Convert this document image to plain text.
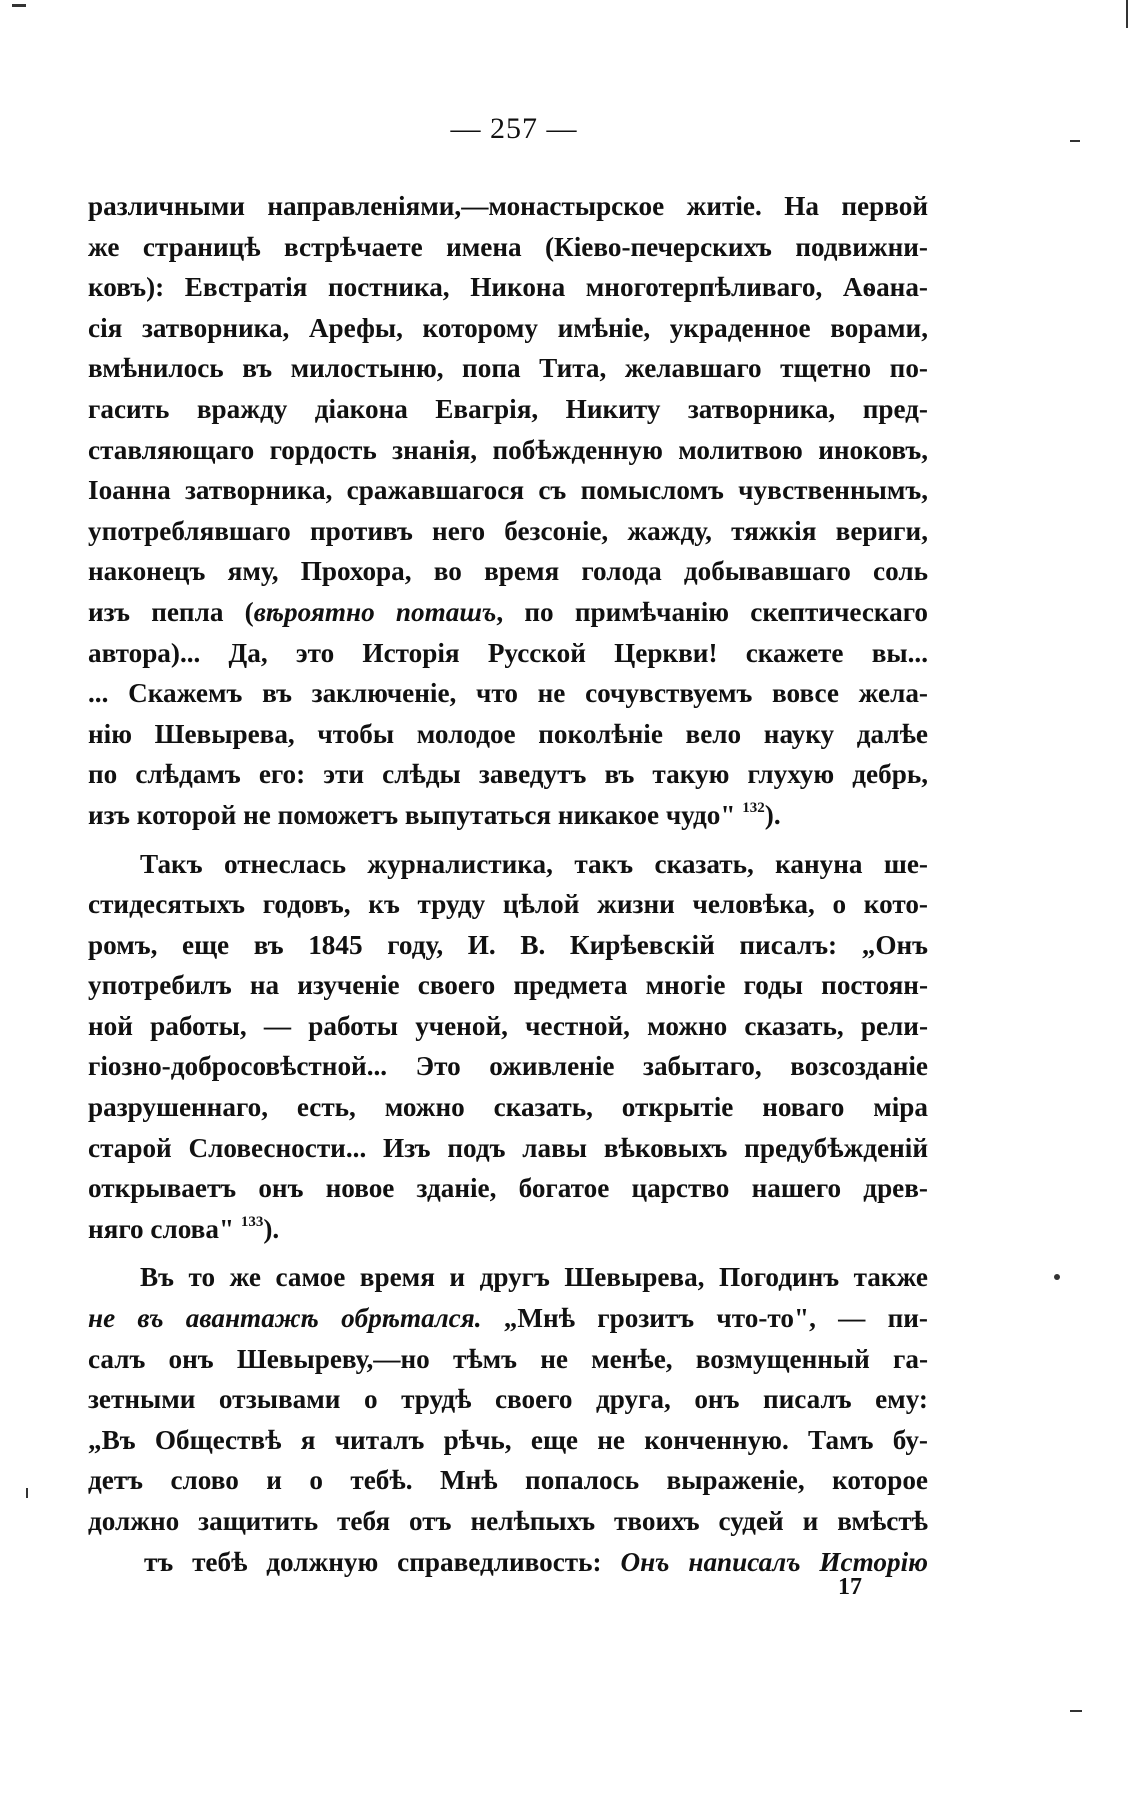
— 257 —
различными направленіями,—монастырское житіе. На первой
же страницѣ встрѣчаете имена (Кіево-печерскихъ подвижни-
ковъ): Евстратія постника, Никона многотерпѣливаго, Аѳана-
сія затворника, Арефы, которому имѣніе, украденное ворами,
вмѣнилось въ милостыню, попа Тита, желавшаго тщетно по-
гасить вражду діакона Евагрія, Никиту затворника, пред-
ставляющаго гордость знанія, побѣжденную молитвою иноковъ,
Іоанна затворника, сражавшагося съ помысломъ чувственнымъ,
употреблявшаго противъ него безсоніе, жажду, тяжкія вериги,
наконецъ яму, Прохора, во время голода добывавшаго соль
изъ пепла (вѣроятно поташъ, по примѣчанію скептическаго
автора)... Да, это Исторія Русской Церкви! скажете вы...
... Скажемъ въ заключеніе, что не сочувствуемъ вовсе жела-
нію Шевырева, чтобы молодое поколѣніе вело науку далѣе
по слѣдамъ его: эти слѣды заведутъ въ такую глухую дебрь,
изъ которой не поможетъ выпутаться никакое чудо" $^{132}$).
Такъ отнеслась журналистика, такъ сказать, кануна ше-
стидесятыхъ годовъ, къ труду цѣлой жизни человѣка, о кото-
ромъ, еще въ 1845 году, И. В. Кирѣевскій писалъ: „Онъ
употребилъ на изученіе своего предмета многіе годы постоян-
ной работы, — работы ученой, честной, можно сказать, рели-
гіозно-добросовѣстной... Это оживленіе забытаго, возсозданіе
разрушеннаго, есть, можно сказать, открытіе новаго міра
старой Словесности... Изъ подъ лавы вѣковыхъ предубѣжденій
открываетъ онъ новое зданіе, богатое царство нашего древ-
няго слова" $^{133}$).
Въ то же самое время и другъ Шевырева, Погодинъ также
не въ авантажѣ обрѣтался. „Мнѣ грозитъ что-то", — пи-
салъ онъ Шевыреву,—но тѣмъ не менѣе, возмущенный га-
зетными отзывами о трудѣ своего друга, онъ писалъ ему:
„Въ Обществѣ я читалъ рѣчь, еще не конченную. Тамъ бу-
детъ слово и о тебѣ. Мнѣ попалось выраженіе, которое
должно защитить тебя отъ нелѣпыхъ твоихъ судей и вмѣстѣ
тъ тебѣ должную справедливость: Онъ написалъ Исторію
17
